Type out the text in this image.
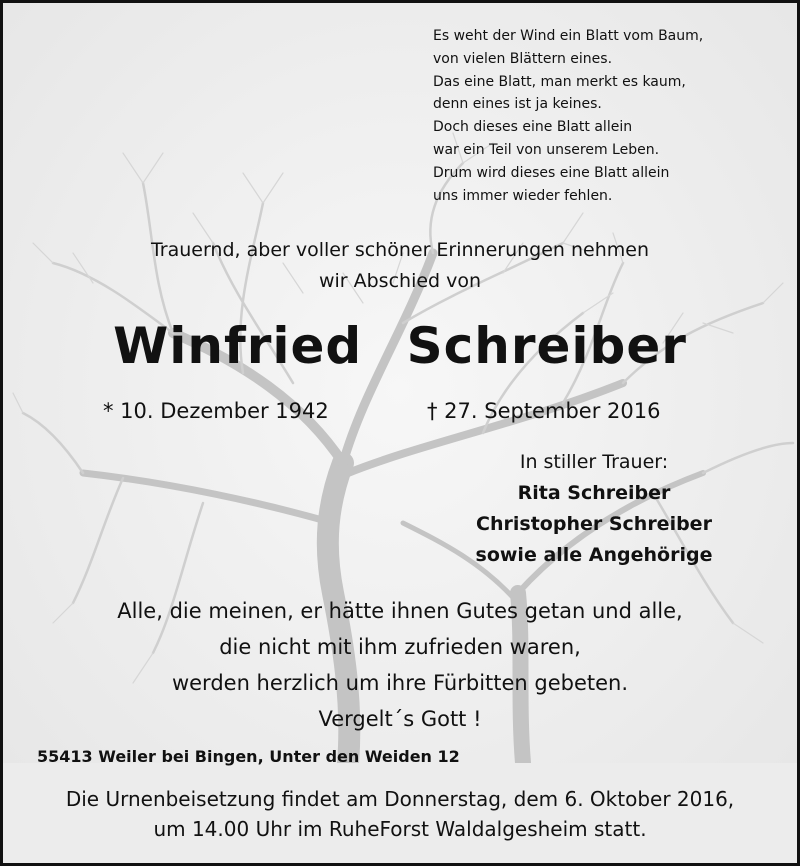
Es weht der Wind ein Blatt vom Baum,
von vielen Blättern eines.
Das eine Blatt, man merkt es kaum,
denn eines ist ja keines.
Doch dieses eine Blatt allein
war ein Teil von unserem Leben.
Drum wird dieses eine Blatt allein
uns immer wieder fehlen.
Trauernd, aber voller schöner Erinnerungen nehmen
wir Abschied von
Winfried Schreiber
* 10. Dezember 1942	† 27. September 2016
In stiller Trauer:
Rita Schreiber
Christopher Schreiber
sowie alle Angehörige
Alle, die meinen, er hätte ihnen Gutes getan und alle,
die nicht mit ihm zufrieden waren,
werden herzlich um ihre Fürbitten gebeten.
Vergelt´s Gott !
55413 Weiler bei Bingen, Unter den Weiden 12
Die Urnenbeisetzung findet am Donnerstag, dem 6. Oktober 2016,
um 14.00 Uhr im RuheForst Waldalgesheim statt.
